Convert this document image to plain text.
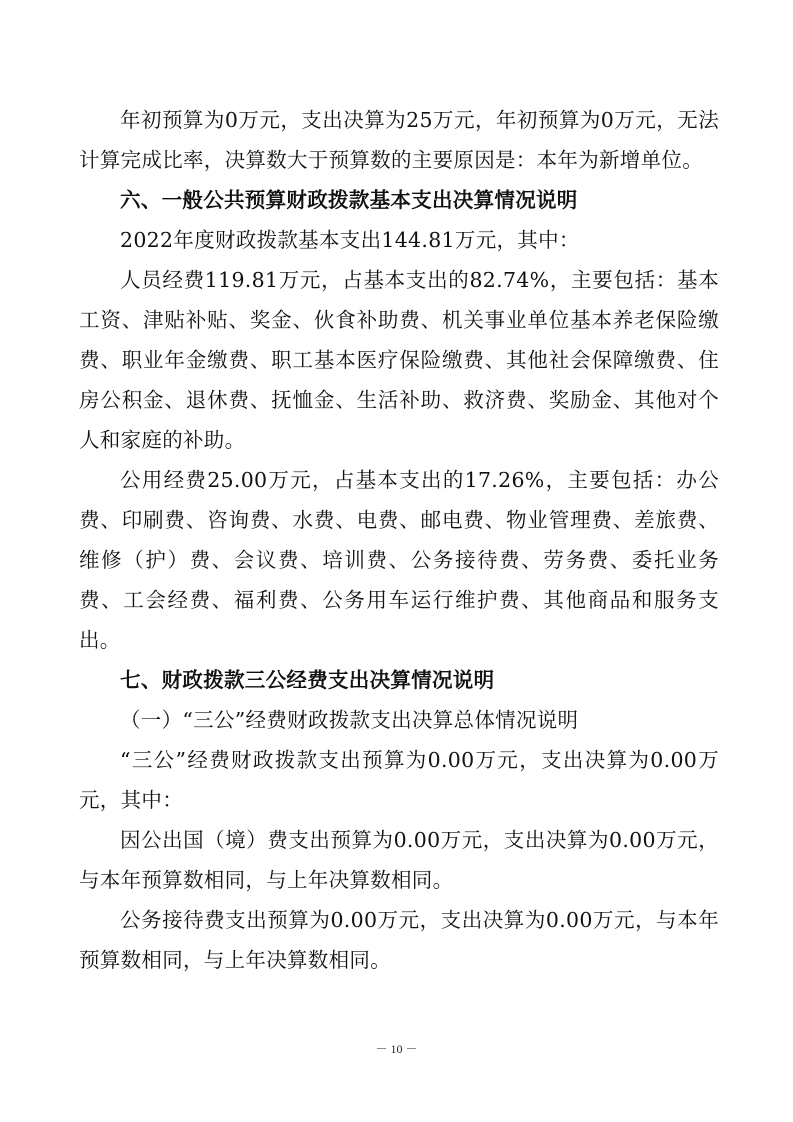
年初预算为0万元，支出决算为25万元，年初预算为0万元，无法计算完成比率，决算数大于预算数的主要原因是：本年为新增单位。

六、一般公共预算财政拨款基本支出决算情况说明

2022年度财政拨款基本支出144.81万元，其中：

人员经费119.81万元，占基本支出的82.74%，主要包括：基本工资、津贴补贴、奖金、伙食补助费、机关事业单位基本养老保险缴费、职业年金缴费、职工基本医疗保险缴费、其他社会保障缴费、住房公积金、退休费、抚恤金、生活补助、救济费、奖励金、其他对个人和家庭的补助。

公用经费25.00万元，占基本支出的17.26%，主要包括：办公费、印刷费、咨询费、水费、电费、邮电费、物业管理费、差旅费、维修（护）费、会议费、培训费、公务接待费、劳务费、委托业务费、工会经费、福利费、公务用车运行维护费、其他商品和服务支出。

七、财政拨款三公经费支出决算情况说明

（一）“三公”经费财政拨款支出决算总体情况说明

“三公”经费财政拨款支出预算为0.00万元，支出决算为0.00万元，其中：

因公出国（境）费支出预算为0.00万元，支出决算为0.00万元，与本年预算数相同，与上年决算数相同。

公务接待费支出预算为0.00万元，支出决算为0.00万元，与本年预算数相同，与上年决算数相同。

－ 10 －
